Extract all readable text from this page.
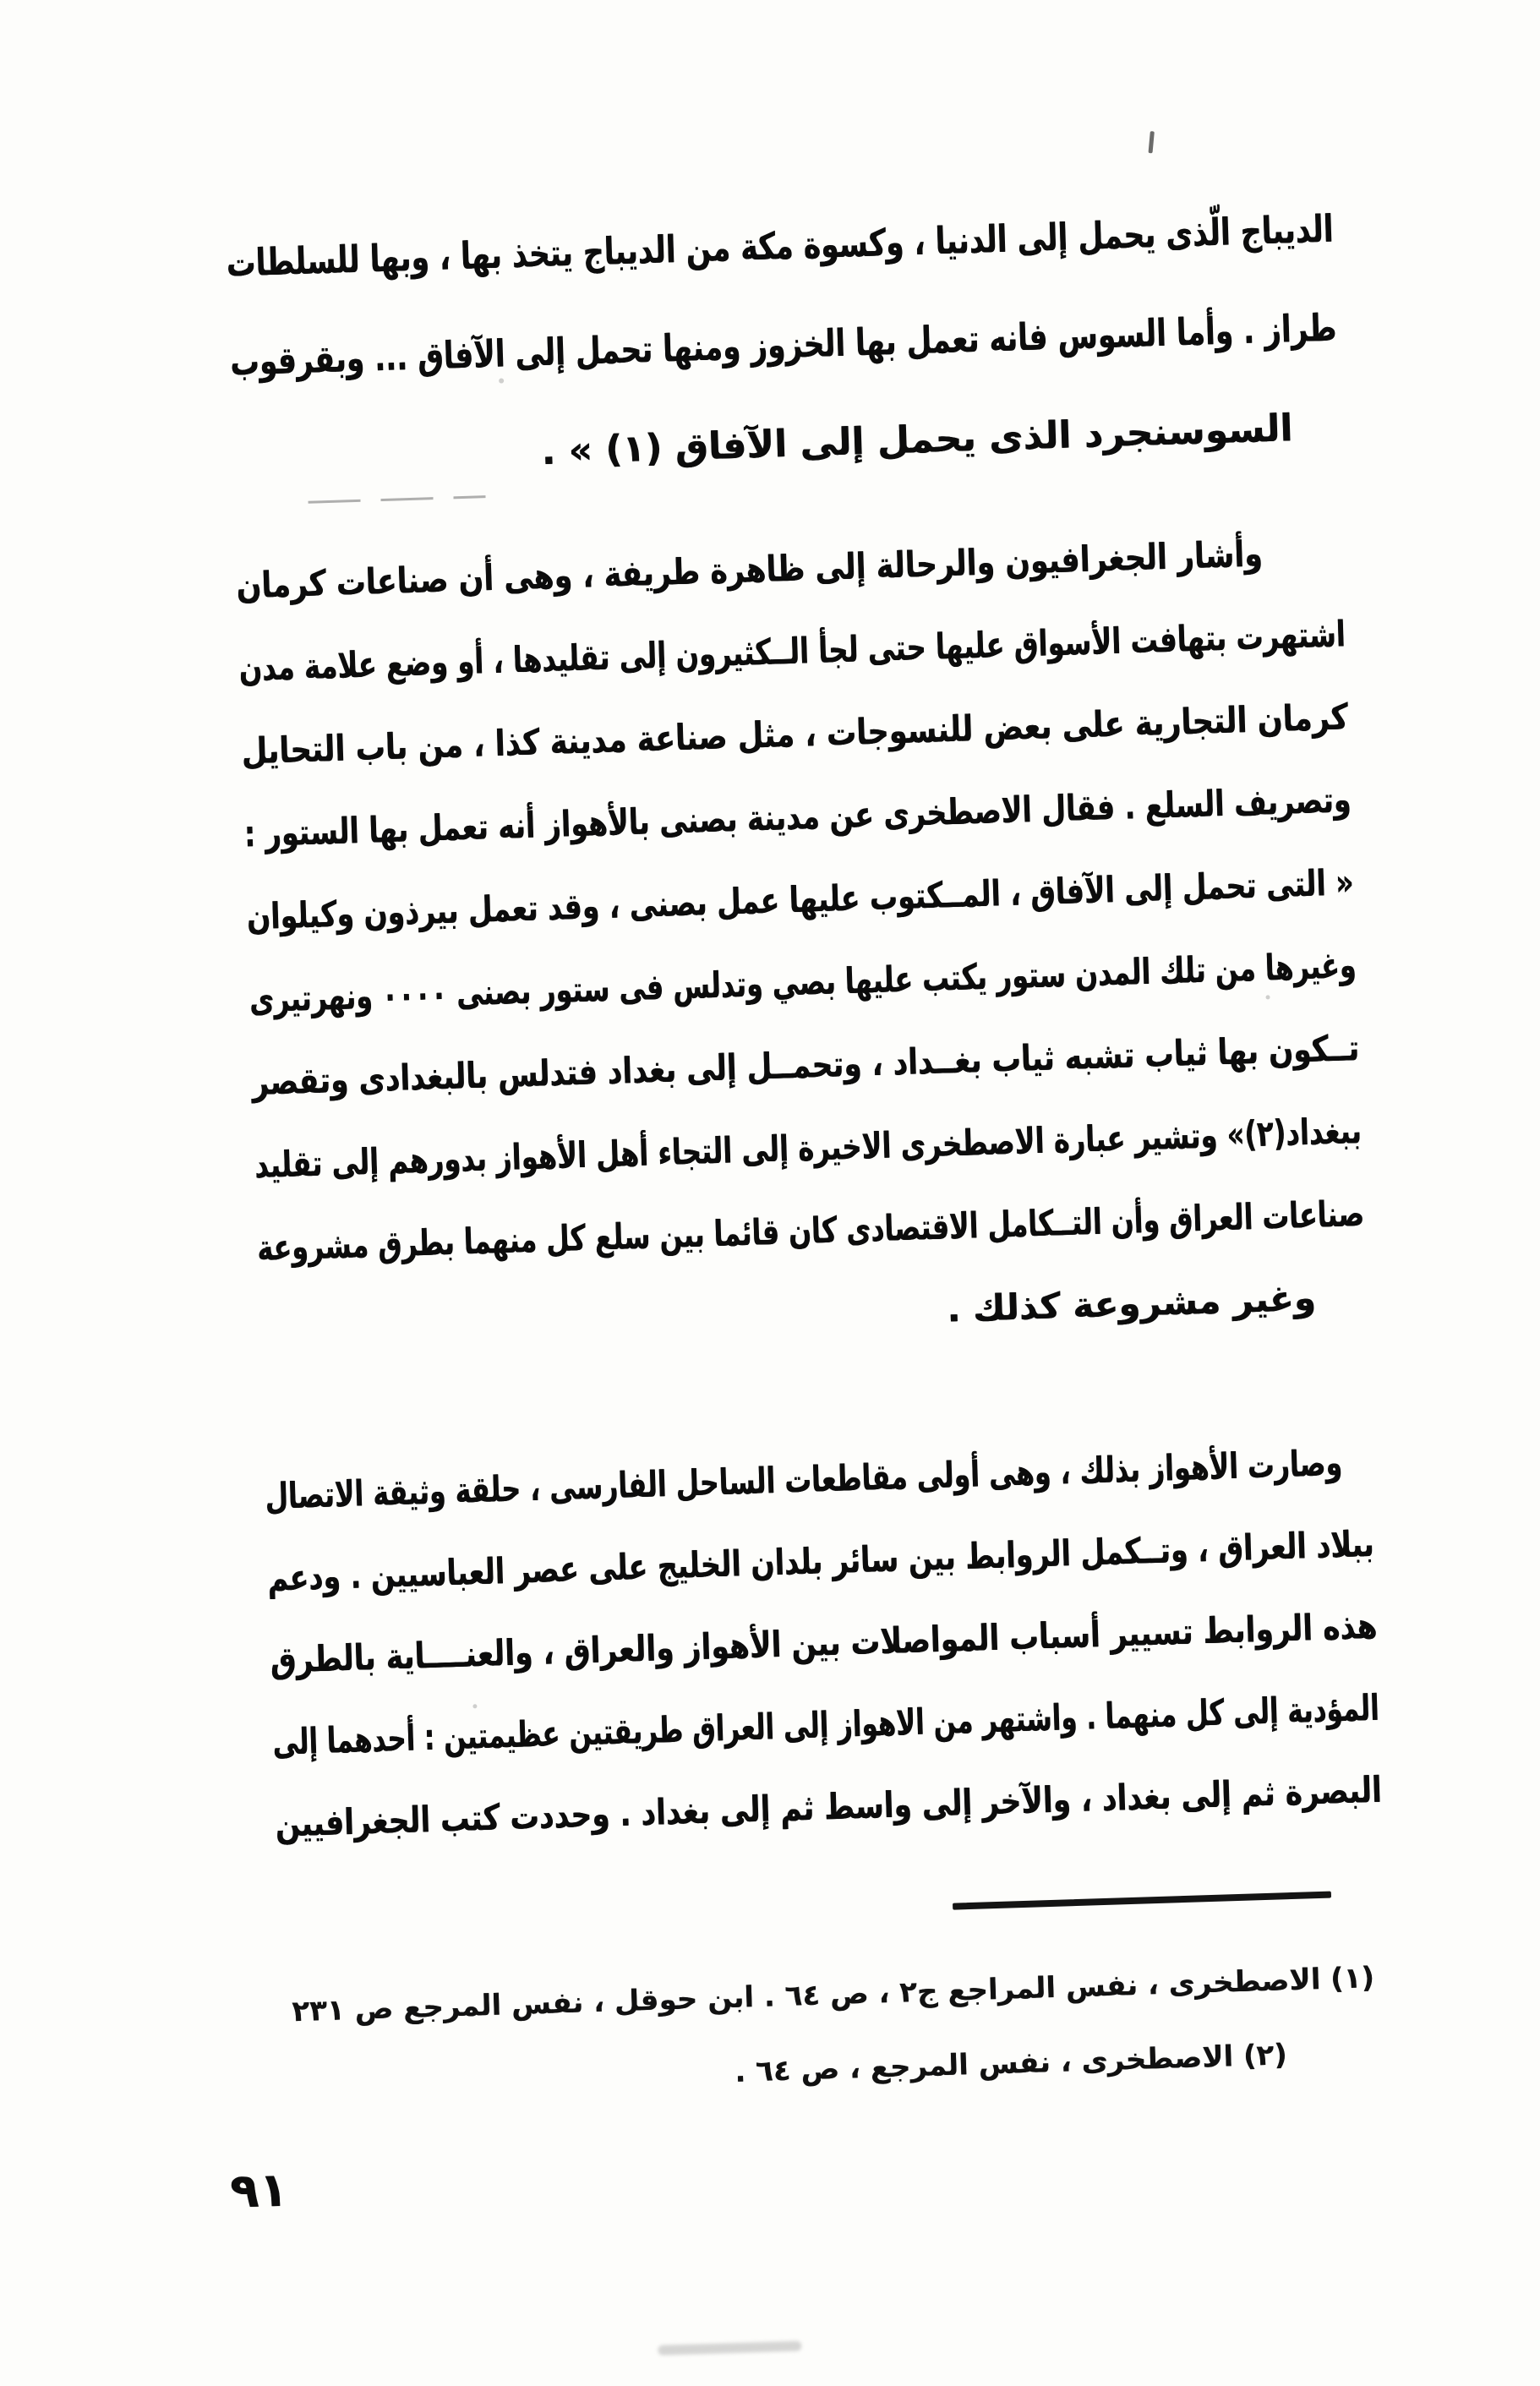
الديباج الّذى يحمل إلى الدنيا ، وكسوة مكة من الديباج يتخذ بها ، وبها للسلطات
طراز . وأما السوس فانه تعمل بها الخزوز ومنها تحمل إلى الآفاق ... وبقرقوب
السوسنجرد الذى يحمل إلى الآفاق (١) » .
وأشار الجغرافيون والرحالة إلى ظاهرة طريفة ، وهى أن صناعات كرمان
اشتهرت بتهافت الأسواق عليها حتى لجأ الــكثيرون إلى تقليدها ، أو وضع علامة مدن
كرمان التجارية على بعض للنسوجات ، مثل صناعة مدينة كذا ، من باب التحايل
وتصريف السلع . فقال الاصطخرى عن مدينة بصنى بالأهواز أنه تعمل بها الستور :
« التى تحمل إلى الآفاق ، المــكتوب عليها عمل بصنى ، وقد تعمل بيرذون وكيلوان
وغيرها من تلك المدن ستور يكتب عليها بصي وتدلس فى ستور بصنى ٠٠٠٠ ونهرتيرى
تــكون بها ثياب تشبه ثياب بغــداد ، وتحمــل إلى بغداد فتدلس بالبغدادى وتقصر
ببغداد(٢)» وتشير عبارة الاصطخرى الاخيرة إلى التجاء أهل الأهواز بدورهم إلى تقليد
صناعات العراق وأن التــكامل الاقتصادى كان قائما بين سلع كل منهما بطرق مشروعة
وغير مشروعة كذلك .
وصارت الأهواز بذلك ، وهى أولى مقاطعات الساحل الفارسى ، حلقة وثيقة الاتصال
ببلاد العراق ، وتــكمل الروابط بين سائر بلدان الخليج على عصر العباسيين . ودعم
هذه الروابط تسيير أسباب المواصلات بين الأهواز والعراق ، والعنــــاية بالطرق
المؤدية إلى كل منهما . واشتهر من الاهواز إلى العراق طريقتين عظيمتين : أحدهما إلى
البصرة ثم إلى بغداد ، والآخر إلى واسط ثم إلى بغداد . وحددت كتب الجغرافيين
(١) الاصطخرى ، نفس المراجع ج٢ ، ص ٦٤ . ابن حوقل ، نفس المرجع ص ٢٣١
(٢) الاصطخرى ، نفس المرجع ، ص ٦٤ .
٩١
